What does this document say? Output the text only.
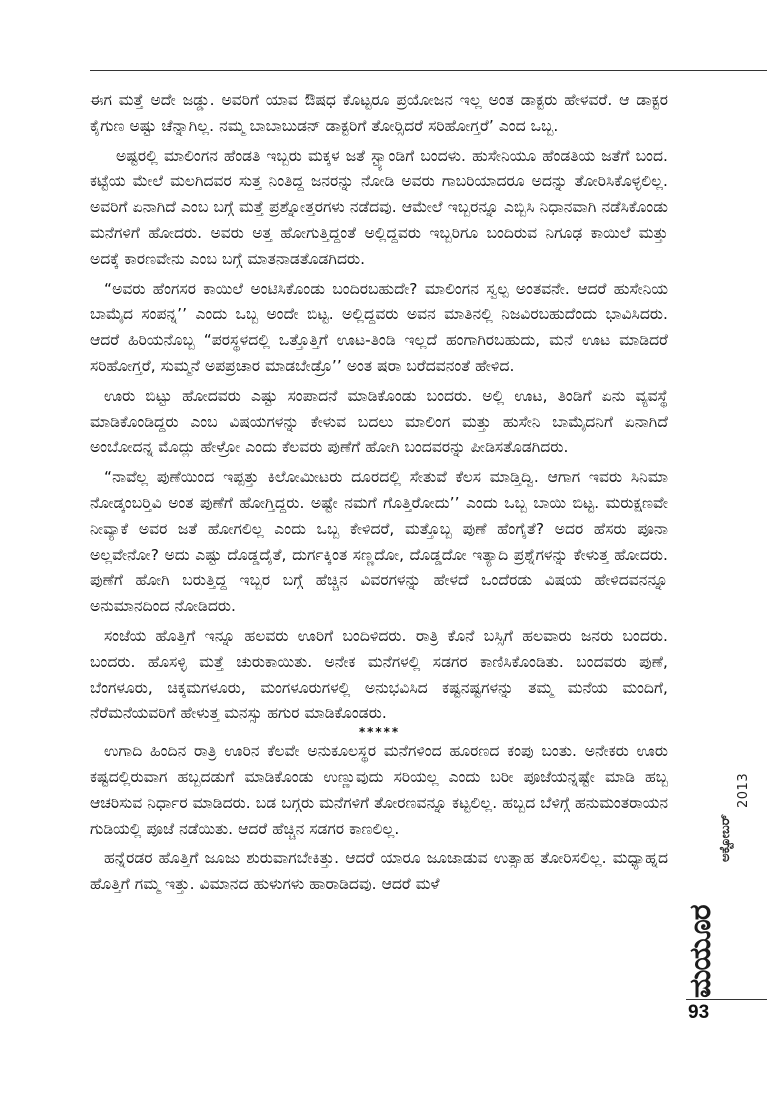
ಈಗ ಮತ್ತೆ ಅದೇ ಜಡ್ಡು. ಅವರಿಗೆ ಯಾವ ಔಷಧ ಕೊಟ್ಟರೂ ಪ್ರಯೋಜನ ಇಲ್ಲ ಅಂತ ಡಾಕ್ಟರು ಹೇಳವರೆ. ಆ ಡಾಕ್ಟರ ಕೈಗುಣ ಅಷ್ಟು ಚೆನ್ನಾಗಿಲ್ಲ. ನಮ್ಮ ಬಾಬಾಬುಡನ್ ಡಾಕ್ಟರಿಗೆ ತೋರ್‍ಸಿದರೆ ಸರಿಹೋಗ್ತರೆ’ ಎಂದ ಒಬ್ಬ.

ಅಷ್ಟರಲ್ಲಿ ಮಾಲಿಂಗನ ಹೆಂಡತಿ ಇಬ್ಬರು ಮಕ್ಕಳ ಜತೆ ಸ್ಟ್ಯಾಂಡಿಗೆ ಬಂದಳು. ಹುಸೇನಿಯೂ ಹೆಂಡತಿಯ ಜತೆಗೆ ಬಂದ. ಕಟ್ಟೆಯ ಮೇಲೆ ಮಲಗಿದವರ ಸುತ್ತ ನಿಂತಿದ್ದ ಜನರನ್ನು ನೋಡಿ ಅವರು ಗಾಬರಿಯಾದರೂ ಅದನ್ನು ತೋರಿಸಿಕೊಳ್ಳಲಿಲ್ಲ. ಅವರಿಗೆ ಏನಾಗಿದೆ ಎಂಬ ಬಗ್ಗೆ ಮತ್ತೆ ಪ್ರಶ್ನೋತ್ತರಗಳು ನಡೆದವು. ಆಮೇಲೆ ಇಬ್ಬರನ್ನೂ ಎಬ್ಬಿಸಿ ನಿಧಾನವಾಗಿ ನಡೆಸಿಕೊಂಡು ಮನೆಗಳಿಗೆ ಹೋದರು. ಅವರು ಅತ್ತ ಹೋಗುತ್ತಿದ್ದಂತೆ ಅಲ್ಲಿದ್ದವರು ಇಬ್ಬರಿಗೂ ಬಂದಿರುವ ನಿಗೂಢ ಕಾಯಿಲೆ ಮತ್ತು ಅದಕ್ಕೆ ಕಾರಣವೇನು ಎಂಬ ಬಗ್ಗೆ ಮಾತನಾಡತೊಡಗಿದರು.

“ಅವರು ಹೆಂಗಸರ ಕಾಯಿಲೆ ಅಂಟಿಸಿಕೊಂಡು ಬಂದಿರಬಹುದೇ? ಮಾಲಿಂಗನ ಸ್ವಲ್ಪ ಅಂತವನೇ. ಆದರೆ ಹುಸೇನಿಯ ಬಾಮೈದ ಸಂಪನ್ನ’’ ಎಂದು ಒಬ್ಬ ಅಂದೇ ಬಿಟ್ಟ. ಅಲ್ಲಿದ್ದವರು ಅವನ ಮಾತಿನಲ್ಲಿ ನಿಜವಿರಬಹುದೆಂದು ಭಾವಿಸಿದರು. ಆದರೆ ಹಿರಿಯನೊಬ್ಬ “ಪರಸ್ಥಳದಲ್ಲಿ ಒತ್ತೊತ್ತಿಗೆ ಊಟ-ತಿಂಡಿ ಇಲ್ಲದೆ ಹಂಗಾಗಿರಬಹುದು, ಮನೆ ಊಟ ಮಾಡಿದರೆ ಸರಿಹೋಗ್ತರೆ, ಸುಮ್ಮನೆ ಅಪಪ್ರಚಾರ ಮಾಡಬೇಡ್ರೊ’’ ಅಂತ ಷರಾ ಬರೆದವನಂತೆ ಹೇಳಿದ.

ಊರು ಬಿಟ್ಟು ಹೋದವರು ಎಷ್ಟು ಸಂಪಾದನೆ ಮಾಡಿಕೊಂಡು ಬಂದರು. ಅಲ್ಲಿ ಊಟ, ತಿಂಡಿಗೆ ಏನು ವ್ಯವಸ್ಥೆ ಮಾಡಿಕೊಂಡಿದ್ದರು ಎಂಬ ವಿಷಯಗಳನ್ನು ಕೇಳುವ ಬದಲು ಮಾಲಿಂಗ ಮತ್ತು ಹುಸೇನಿ ಬಾಮೈದನಿಗೆ ಏನಾಗಿದೆ ಅಂಬೋದನ್ನ ಮೊದ್ಲು ಹೇಳ್ರೋ ಎಂದು ಕೆಲವರು ಪುಣೆಗೆ ಹೋಗಿ ಬಂದವರನ್ನು ಪೀಡಿಸತೊಡಗಿದರು.

“ನಾವೆಲ್ಲ ಪುಣೆಯಿಂದ ಇಪ್ಪತ್ತು ಕಿಲೋಮೀಟರು ದೂರದಲ್ಲಿ ಸೇತುವೆ ಕೆಲಸ ಮಾಡ್ತಿದ್ವಿ. ಆಗಾಗ ಇವರು ಸಿನಿಮಾ ನೋಡ್ಕಂಬರ್‍ತಿವಿ ಅಂತ ಪುಣೆಗೆ ಹೋಗ್ತಿದ್ದರು. ಅಷ್ಟೇ ನಮಗೆ ಗೊತ್ತಿರೋದು’’ ಎಂದು ಒಬ್ಬ ಬಾಯಿ ಬಿಟ್ಟ. ಮರುಕ್ಷಣವೇ ನೀವ್ಯಾಕೆ ಅವರ ಜತೆ ಹೋಗಲಿಲ್ಲ ಎಂದು ಒಬ್ಬ ಕೇಳಿದರೆ, ಮತ್ತೊಬ್ಬ ಪುಣೆ ಹೆಂಗೈತೆ? ಅದರ ಹೆಸರು ಪೂನಾ ಅಲ್ಲವೇನೋ? ಅದು ಎಷ್ಟು ದೊಡ್ಡದೈತೆ, ದುರ್ಗಕ್ಕಿಂತ ಸಣ್ಣದೋ, ದೊಡ್ಡದೋ ಇತ್ಯಾದಿ ಪ್ರಶ್ನೆಗಳನ್ನು ಕೇಳುತ್ತ ಹೋದರು. ಪುಣೆಗೆ ಹೋಗಿ ಬರುತ್ತಿದ್ದ ಇಬ್ಬರ ಬಗ್ಗೆ ಹೆಚ್ಚಿನ ವಿವರಗಳನ್ನು ಹೇಳದೆ ಒಂದೆರಡು ವಿಷಯ ಹೇಳಿದವನನ್ನೂ ಅನುಮಾನದಿಂದ ನೋಡಿದರು.

ಸಂಜೆಯ ಹೊತ್ತಿಗೆ ಇನ್ನೂ ಹಲವರು ಊರಿಗೆ ಬಂದಿಳಿದರು. ರಾತ್ರಿ ಕೊನೆ ಬಸ್ಸಿಗೆ ಹಲವಾರು ಜನರು ಬಂದರು. ಬಂದರು. ಹೊಸಳ್ಳಿ ಮತ್ತೆ ಚುರುಕಾಯಿತು. ಅನೇಕ ಮನೆಗಳಲ್ಲಿ ಸಡಗರ ಕಾಣಿಸಿಕೊಂಡಿತು. ಬಂದವರು ಪುಣೆ, ಬೆಂಗಳೂರು, ಚಿಕ್ಕಮಗಳೂರು, ಮಂಗಳೂರುಗಳಲ್ಲಿ ಅನುಭವಿಸಿದ ಕಷ್ಟನಷ್ಟಗಳನ್ನು ತಮ್ಮ ಮನೆಯ ಮಂದಿಗೆ, ನೆರೆಮನೆಯವರಿಗೆ ಹೇಳುತ್ತ ಮನಸ್ಸು ಹಗುರ ಮಾಡಿಕೊಂಡರು.

*****

ಉಗಾದಿ ಹಿಂದಿನ ರಾತ್ರಿ ಊರಿನ ಕೆಲವೇ ಅನುಕೂಲಸ್ಥರ ಮನೆಗಳಿಂದ ಹೂರಣದ ಕಂಪು ಬಂತು. ಅನೇಕರು ಊರು ಕಷ್ಟದಲ್ಲಿರುವಾಗ ಹಬ್ಬದಡುಗೆ ಮಾಡಿಕೊಂಡು ಉಣ್ಣುವುದು ಸರಿಯಲ್ಲ ಎಂದು ಬರೀ ಪೂಜೆಯನ್ನಷ್ಟೇ ಮಾಡಿ ಹಬ್ಬ ಆಚರಿಸುವ ನಿರ್ಧಾರ ಮಾಡಿದರು. ಬಡ ಬಗ್ಗರು ಮನೆಗಳಿಗೆ ತೋರಣವನ್ನೂ ಕಟ್ಟಲಿಲ್ಲ. ಹಬ್ಬದ ಬೆಳಿಗ್ಗೆ ಹನುಮಂತರಾಯನ ಗುಡಿಯಲ್ಲಿ ಪೂಜೆ ನಡೆಯಿತು. ಆದರೆ ಹೆಚ್ಚಿನ ಸಡಗರ ಕಾಣಲಿಲ್ಲ.

ಹನ್ನೆರಡರ ಹೊತ್ತಿಗೆ ಜೂಜು ಶುರುವಾಗಬೇಕಿತ್ತು. ಆದರೆ ಯಾರೂ ಜೂಜಾಡುವ ಉತ್ಸಾಹ ತೋರಿಸಲಿಲ್ಲ. ಮಧ್ಯಾಹ್ನದ ಹೊತ್ತಿಗೆ ಗಮ್ಮ ಇತ್ತು. ವಿಮಾನದ ಹುಳುಗಳು ಹಾರಾಡಿದವು. ಆದರೆ ಮಳೆ

ಮಯೂರ
ಅಕ್ಟೋಬರ್
2013
93
